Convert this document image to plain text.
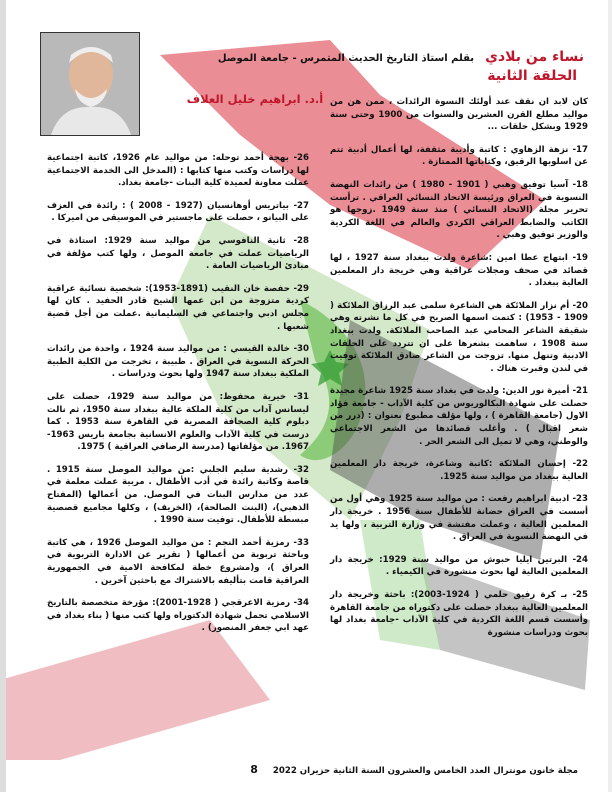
نساء من بلادي بقلم استاذ التاريخ الحديث المتمرس - جامعة الموصل
الحلقة الثانية
أ.د. ابراهيم خليل العلاف كان لابد ان نقف عند أولئك النسوة الرائدات ، ممن هن من مواليد مطلع القرن العشرين والسنوات من 1900 وحتى سنة 1929 وبشكل حلقات ...

17- نزهة الزهاوي : كاتبة وأديبة مثقفة، لها أعمال أدبية تتم عن اسلوبها الرقيق، وكتاباتها الممتازة .

18- آسيا توفيق وهبي ( 1901 - 1980 ) من رائدات النهضة النسوية في العراق ورئيسة الاتحاد النسائي العراقي . ترأست تحرير مجلة (الاتحاد النسائي ) منذ سنة 1949 .زوجها هو الكاتب والضابط العراقي الكردي والعالم في اللغة الكردية والوزير توفيق وهبي .

19- ابتهاج عطا امين :شاعرة ولدت ببغداد سنة 1927 ، لها قصائد في صحف ومجلات عراقية وهي خريجة دار المعلمين العالية ببغداد .

20- أم نزار الملائكة هي الشاعرة سلمى عبد الرزاق الملائكة ( 1909 - 1953) : كتمت اسمها الصريح في كل ما نشرته وهي شقيقة الشاعر المحامي عبد الصاحب الملائكة. ولدت ببغداد سنة 1908 ، ساهمت بشعرها على ان تتردد على الحلقات الادبية وتنهل منها. تزوجت من الشاعر صادق الملائكة توفيت في لندن وقبرت هناك .

21- أميرة نور الدين: ولدت في بغداد سنة 1925 شاعرة مجيدة حصلت على شهادة البكالوريوس من كلية الآداب - جامعة فؤاد الاول (جامعة القاهرة ) ، ولها مؤلف مطبوع بعنوان : (درر من شعر اقبال ) . وأغلب قصائدها من الشعر الاجتماعي والوطني، وهي لا تميل الى الشعر الحر .

22- إحسان الملائكة :كاتبة وشاعرة، خريجة دار المعلمين العالية ببغداد من مواليد سنة 1925.

23- ادبية ابراهيم رفعت : من مواليد سنة 1925 وهي أول من أسست في العراق حضانة للأطفال سنة 1956 . خريجة دار المعلمين العالية ، وعملت مفتشة في وزارة التربية ، ولها يد في النهضة النسوية في العراق .

24- البرتين ايليا حبوش من مواليد سنة 1929: خريجة دار المعلمين العالية لها بحوث منشورة في الكيمياء .

25- بـ كرة رفيق حلمي ( 1924-2003): باحثة وخريجة دار المعلمين العالية ببغداد حصلت على دكتوراه من جامعة القاهرة وأسست قسم اللغة الكردية في كلية الآداب -جامعة بغداد لها بحوث ودراسات منشورة

26- بهجة أحمد توحله: من مواليد عام 1926، كاتبة اجتماعية لها دراسات وكتب منها كتابها : (المدخل الى الخدمة الاجتماعية عملت معاونة لعميدة كلية البنات -جامعة بغداد.

27- بياتريس أوهانسيان (1927 - 2008 ) : رائدة في العزف على البيانو ، حصلت على ماجستير في الموسيقى من اميركا .

28- ثانية النافوسي من مواليد سنة 1929: استاذة في الرياضيات عملت في جامعة الموصل ، ولها كتب مؤلفة في مبادئ الرياضيات العامة .

29- حفصة خان النقيب (1891-1953): شخصية نسائية عراقية كردية متزوجة من ابن عمها الشيخ قادر الحفيد . كان لها مجلس ادبي واجتماعي في السليمانية .عملت من أجل قضية شعبها .

30- خالدة القيسي : من مواليد سنة 1924 ، واحدة من رائدات الحركة النسوية في العراق . طبيبة ، تخرجت من الكلية الطبية الملكية ببغداد سنة 1947 ولها بحوث ودراسات .

31- خيرية محفوظ: من مواليد سنة 1929، حصلت على ليسانس آداب من كلية الملكة عالية ببغداد سنة 1950، ثم نالت دبلوم كلية الصحافة المصرية في القاهرة سنة 1953 . كما درست في كلية الآداب والعلوم الانسانية بجامعة باريس 1963-1967. من مؤلفاتها (مدرسة الرصافي العراقية ) 1975.

32- رشدية سليم الجلبي :من مواليد الموصل سنة 1915 . قاصة وكاتبة رائدة في أدب الأطفال . مربية عملت معلمة في عدد من مدارس البنات في الموصل. من أعمالها (المفتاح الذهبي)، (البنت الصالحة)، (الخريف) ، وكلها مجاميع قصصية مبسطة للأطفال. توفيت سنة 1990 .

33- رمزية أحمد النجم : من مواليد الموصل 1926 ، هي كاتبة وباحثة تربوية من أعمالها ( تقرير عن الادارة التربوية في العراق )، و(مشروع خطة لمكافحة الامية في الجمهورية العراقية قامت بتأليفه بالاشتراك مع باحثين آخرين .

34- رمزية الاعرقجي ( 1928-2001): مؤرخة متخصصة بالتاريخ الاسلامي تحمل شهادة الدكتوراه ولها كتب منها ( بناء بغداد في عهد ابي جعفر المنصور) .

مجلة خانون مونترال العدد الخامس والعشرون السنة الثانية حزيران 2022 8
